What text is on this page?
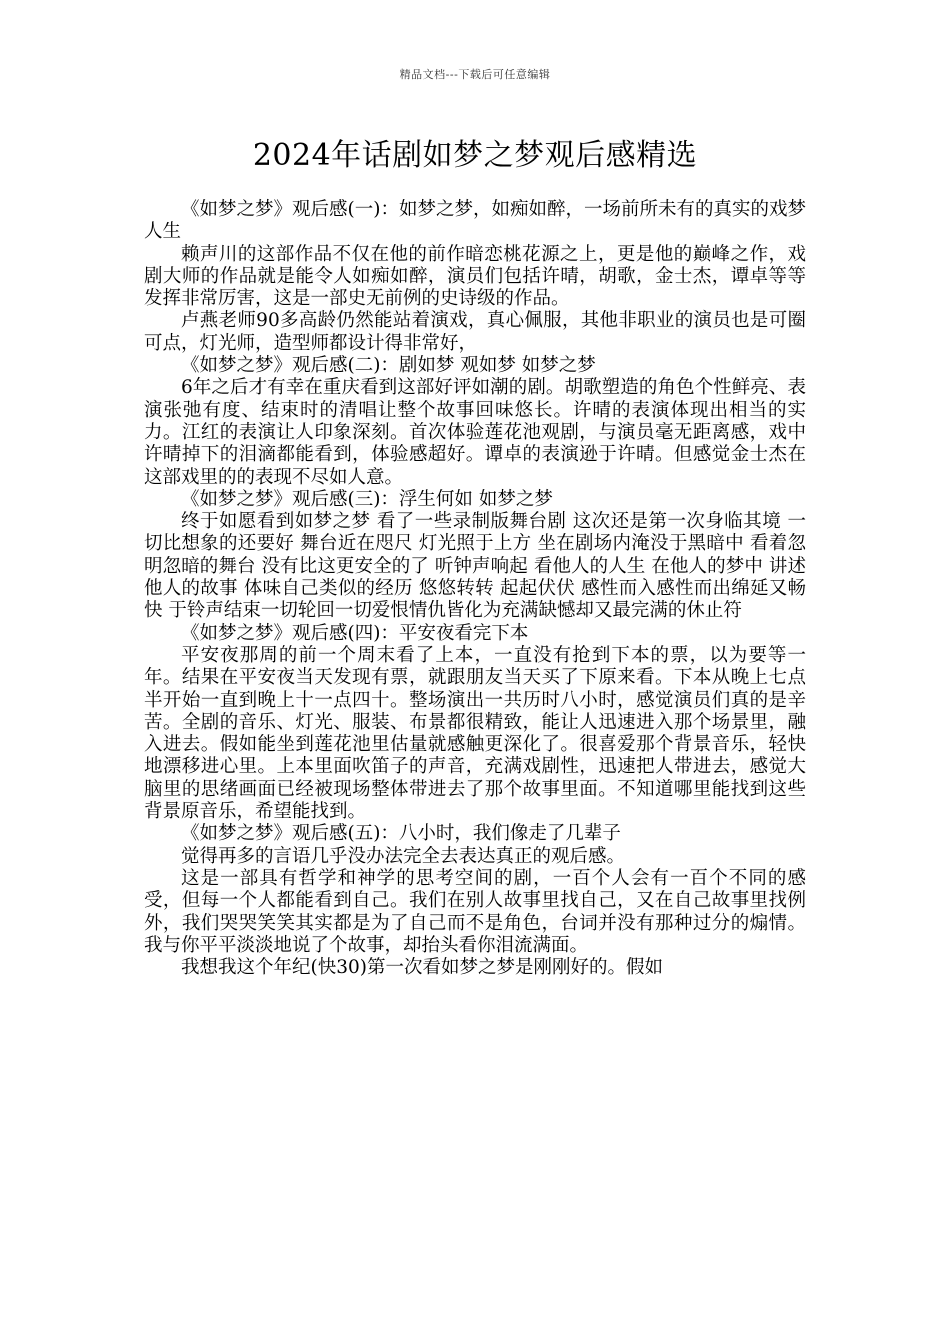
精品文档---下载后可任意编辑
2024年话剧如梦之梦观后感精选

《如梦之梦》观后感(一)：如梦之梦，如痴如醉，一场前所未有的真实的戏梦人生

赖声川的这部作品不仅在他的前作暗恋桃花源之上，更是他的巅峰之作，戏剧大师的作品就是能令人如痴如醉，演员们包括许晴，胡歌，金士杰，谭卓等等发挥非常厉害，这是一部史无前例的史诗级的作品。

卢燕老师90多高龄仍然能站着演戏，真心佩服，其他非职业的演员也是可圈可点，灯光师，造型师都设计得非常好，

《如梦之梦》观后感(二)：剧如梦 观如梦 如梦之梦

6年之后才有幸在重庆看到这部好评如潮的剧。胡歌塑造的角色个性鲜亮、表演张弛有度、结束时的清唱让整个故事回味悠长。许晴的表演体现出相当的实力。江红的表演让人印象深刻。首次体验莲花池观剧，与演员毫无距离感，戏中许晴掉下的泪滴都能看到，体验感超好。谭卓的表演逊于许晴。但感觉金士杰在这部戏里的的表现不尽如人意。

《如梦之梦》观后感(三)：浮生何如 如梦之梦

终于如愿看到如梦之梦 看了一些录制版舞台剧 这次还是第一次身临其境 一切比想象的还要好 舞台近在咫尺 灯光照于上方 坐在剧场内淹没于黑暗中 看着忽明忽暗的舞台 没有比这更安全的了 听钟声响起 看他人的人生 在他人的梦中 讲述他人的故事 体味自己类似的经历 悠悠转转 起起伏伏 感性而入感性而出绵延又畅快 于铃声结束一切轮回一切爱恨情仇皆化为充满缺憾却又最完满的休止符

《如梦之梦》观后感(四)：平安夜看完下本

平安夜那周的前一个周末看了上本，一直没有抢到下本的票，以为要等一年。结果在平安夜当天发现有票，就跟朋友当天买了下原来看。下本从晚上七点半开始一直到晚上十一点四十。整场演出一共历时八小时，感觉演员们真的是辛苦。全剧的音乐、灯光、服装、布景都很精致，能让人迅速进入那个场景里，融入进去。假如能坐到莲花池里估量就感触更深化了。很喜爱那个背景音乐，轻快地漂移进心里。上本里面吹笛子的声音，充满戏剧性，迅速把人带进去，感觉大脑里的思绪画面已经被现场整体带进去了那个故事里面。不知道哪里能找到这些背景原音乐，希望能找到。

《如梦之梦》观后感(五)：八小时，我们像走了几辈子

觉得再多的言语几乎没办法完全去表达真正的观后感。

这是一部具有哲学和神学的思考空间的剧，一百个人会有一百个不同的感受，但每一个人都能看到自己。我们在别人故事里找自己，又在自己故事里找例外，我们哭哭笑笑其实都是为了自己而不是角色，台词并没有那种过分的煽情。我与你平平淡淡地说了个故事，却抬头看你泪流满面。

我想我这个年纪(快30)第一次看如梦之梦是刚刚好的。假如
